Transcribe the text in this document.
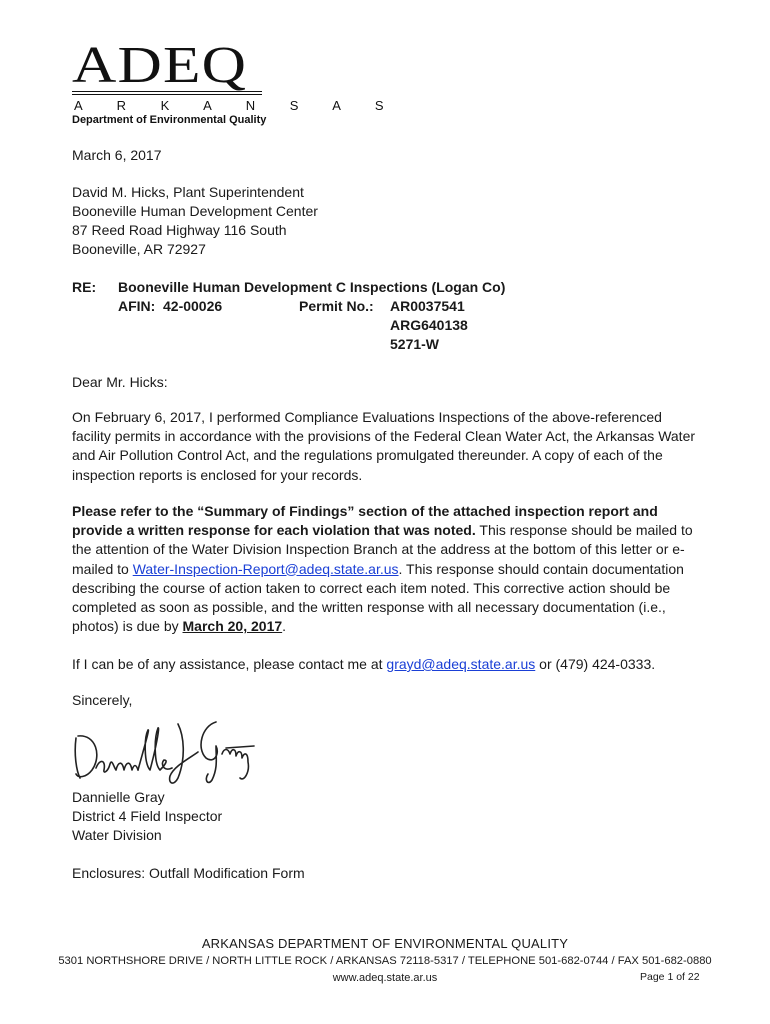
ADEQ
A R K A N S A S
Department of Environmental Quality
March 6, 2017
David M. Hicks, Plant Superintendent
Booneville Human Development Center
87 Reed Road Highway 116 South
Booneville, AR 72927
RE: Booneville Human Development C Inspections (Logan Co)
AFIN: 42-00026	Permit No.: AR0037541
ARG640138
5271-W
Dear Mr. Hicks:

On February 6, 2017, I performed Compliance Evaluations Inspections of the above-referenced facility permits in accordance with the provisions of the Federal Clean Water Act, the Arkansas Water and Air Pollution Control Act, and the regulations promulgated thereunder. A copy of each of the inspection reports is enclosed for your records.

Please refer to the “Summary of Findings” section of the attached inspection report and provide a written response for each violation that was noted. This response should be mailed to the attention of the Water Division Inspection Branch at the address at the bottom of this letter or e-mailed to Water-Inspection-Report@adeq.state.ar.us. This response should contain documentation describing the course of action taken to correct each item noted. This corrective action should be completed as soon as possible, and the written response with all necessary documentation (i.e., photos) is due by March 20, 2017.

If I can be of any assistance, please contact me at grayd@adeq.state.ar.us or (479) 424-0333.

Sincerely,
Dannielle Gray
District 4 Field Inspector
Water Division
Enclosures: Outfall Modification Form
ARKANSAS DEPARTMENT OF ENVIRONMENTAL QUALITY
5301 NORTHSHORE DRIVE / NORTH LITTLE ROCK / ARKANSAS 72118-5317 / TELEPHONE 501-682-0744 / FAX 501-682-0880
www.adeq.state.ar.us	Page 1 of 22
